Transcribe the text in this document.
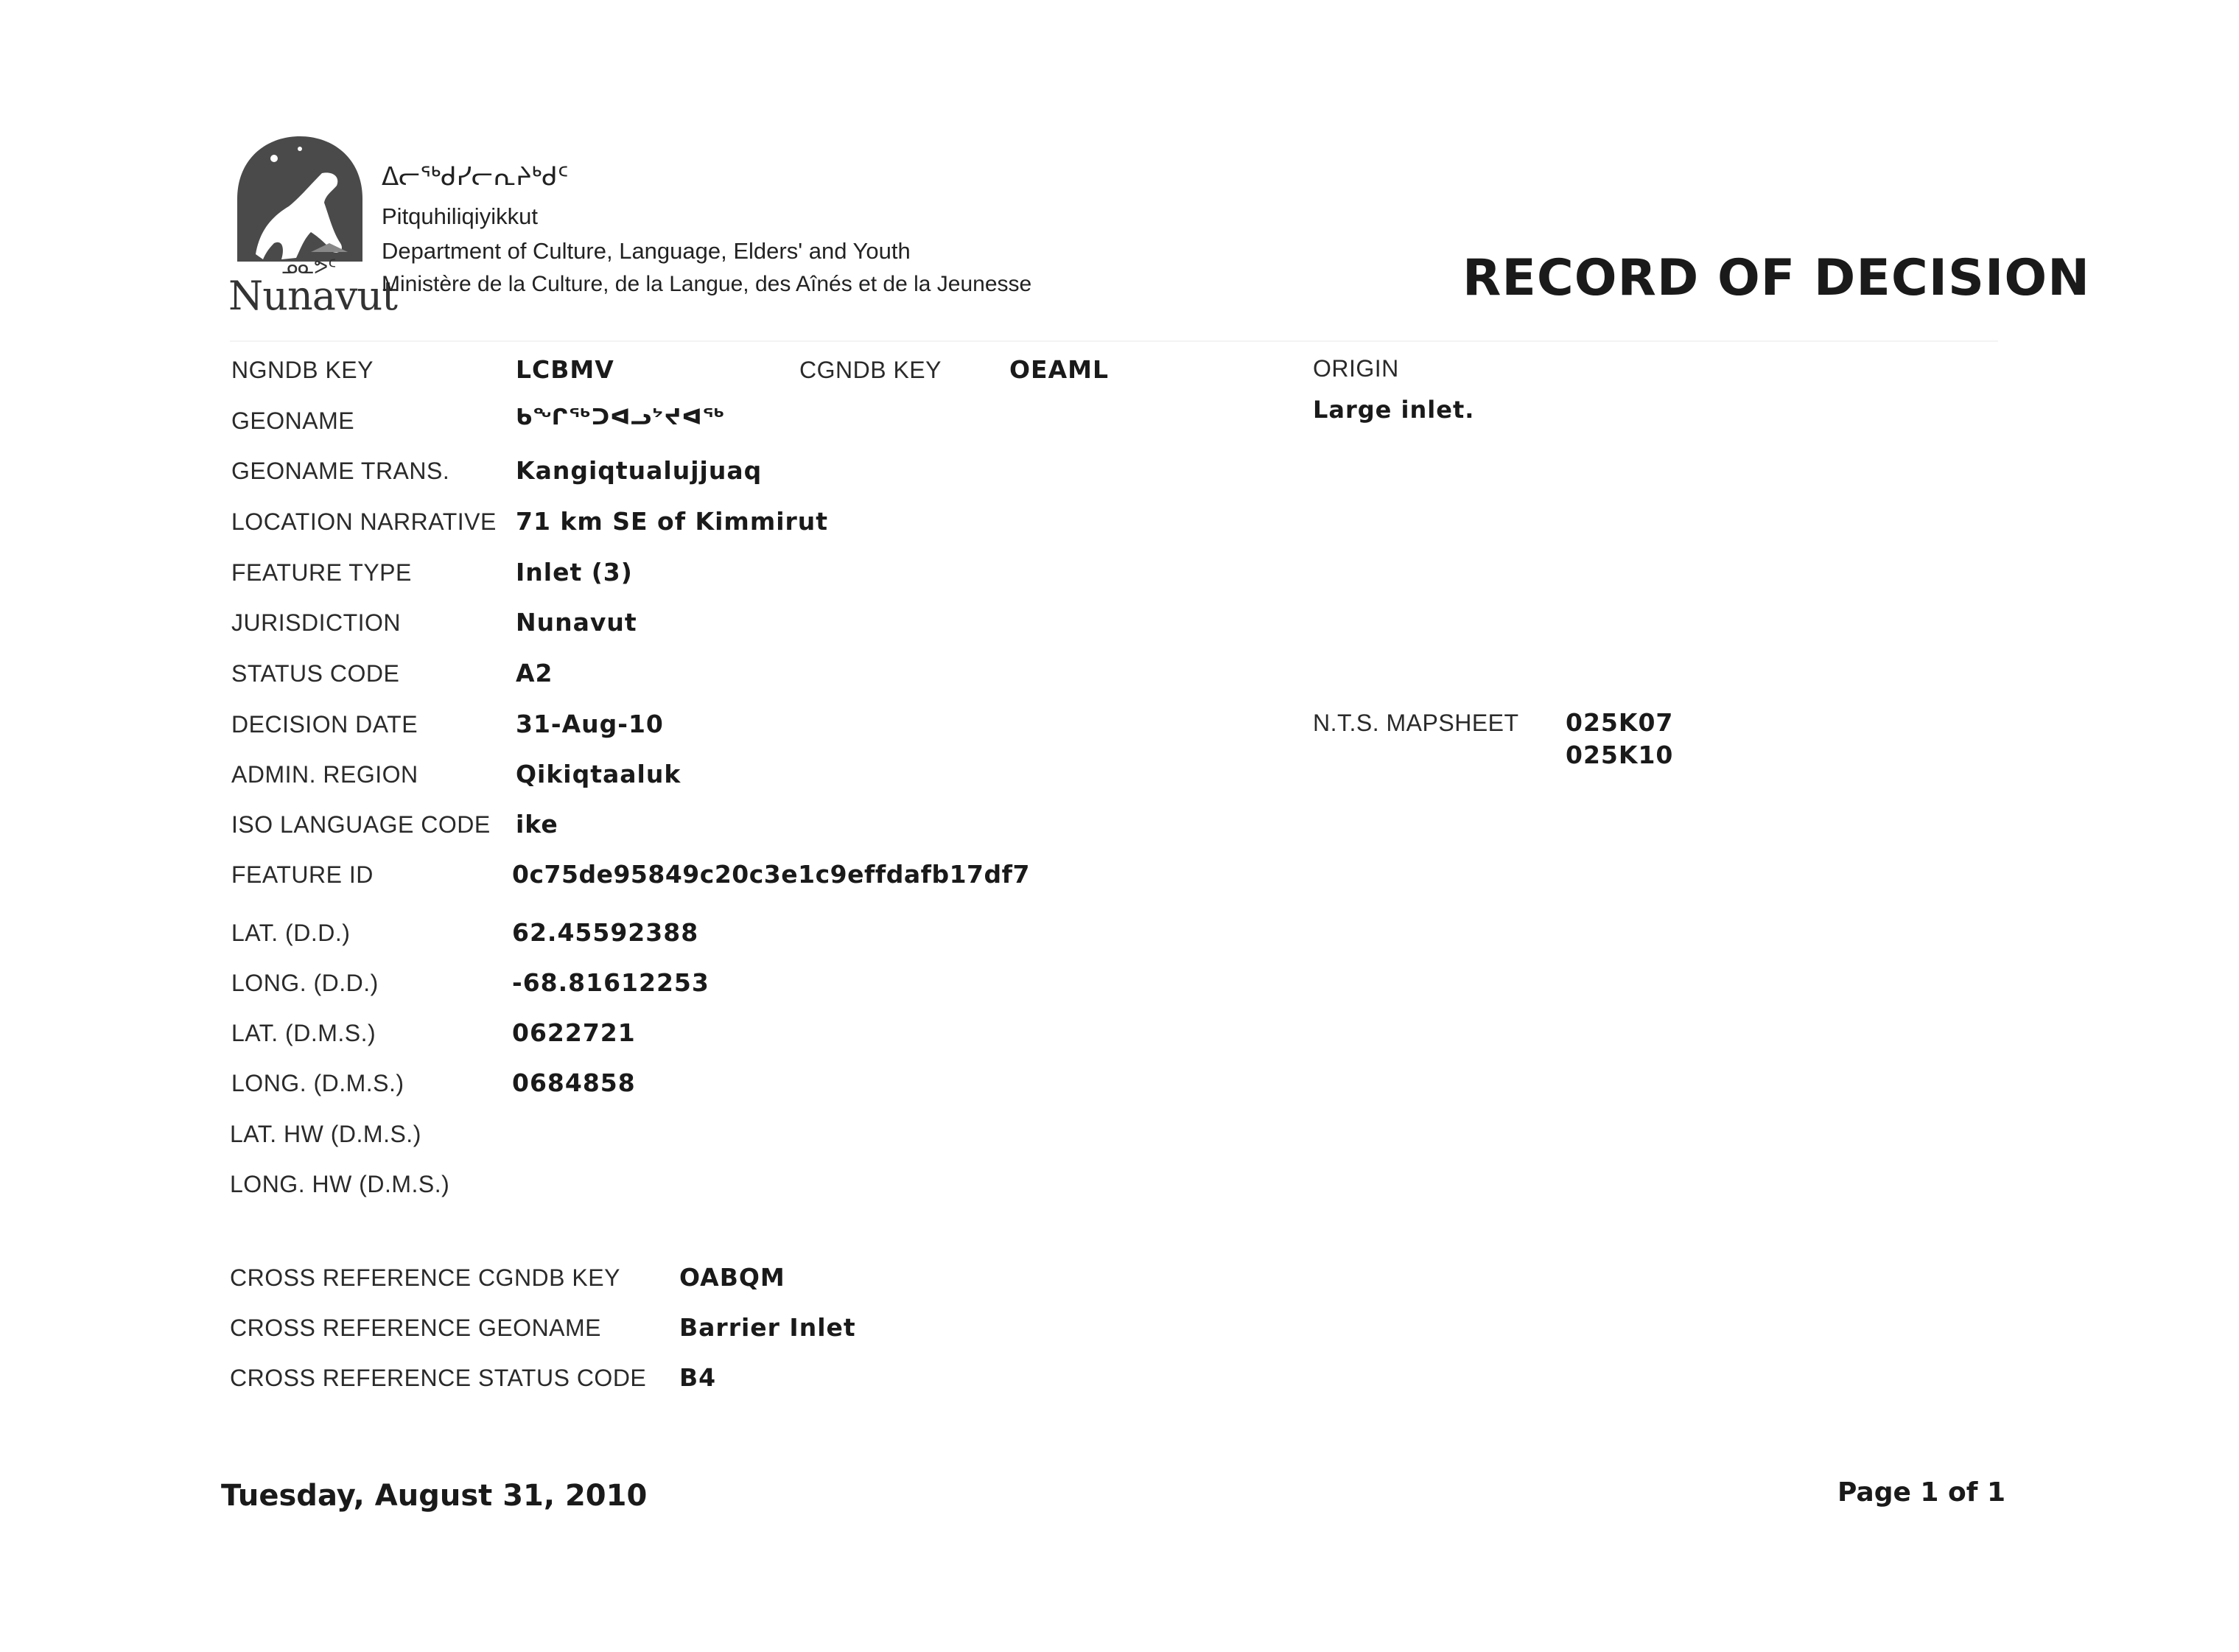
ᓄᓇᕗᑦ
Nunavut
ᐃᓕᖅᑯᓯᓕᕆᔨᒃᑯᑦ
Pitquhiliqiyikkut
Department of Culture, Language, Elders' and Youth
Ministère de la Culture, de la Langue, des Aînés et de la Jeunesse	RECORD OF DECISION
NGNDB KEY	LCBMV	CGNDB KEY	OEAML	ORIGIN
Large inlet.
GEONAME	ᑲᖏᖅᑐᐊᓗᔾᔪᐊᖅ
GEONAME TRANS.	Kangiqtualujjuaq
LOCATION NARRATIVE 71 km SE of Kimmirut
FEATURE TYPE	Inlet (3)
JURISDICTION	Nunavut
STATUS CODE	A2
DECISION DATE	31-Aug-10	N.T.S. MAPSHEET 025K07
025K10
ADMIN. REGION	Qikiqtaaluk
ISO LANGUAGE CODE ike
FEATURE ID	0c75de95849c20c3e1c9effdafb17df7
LAT. (D.D.)	62.45592388
LONG. (D.D.)	-68.81612253
LAT. (D.M.S.)	0622721
LONG. (D.M.S.)	0684858
LAT. HW (D.M.S.)
LONG. HW (D.M.S.)
CROSS REFERENCE CGNDB KEY OABQM
CROSS REFERENCE GEONAME	Barrier Inlet
CROSS REFERENCE STATUS CODE B4
Tuesday, August 31, 2010	Page 1 of 1
